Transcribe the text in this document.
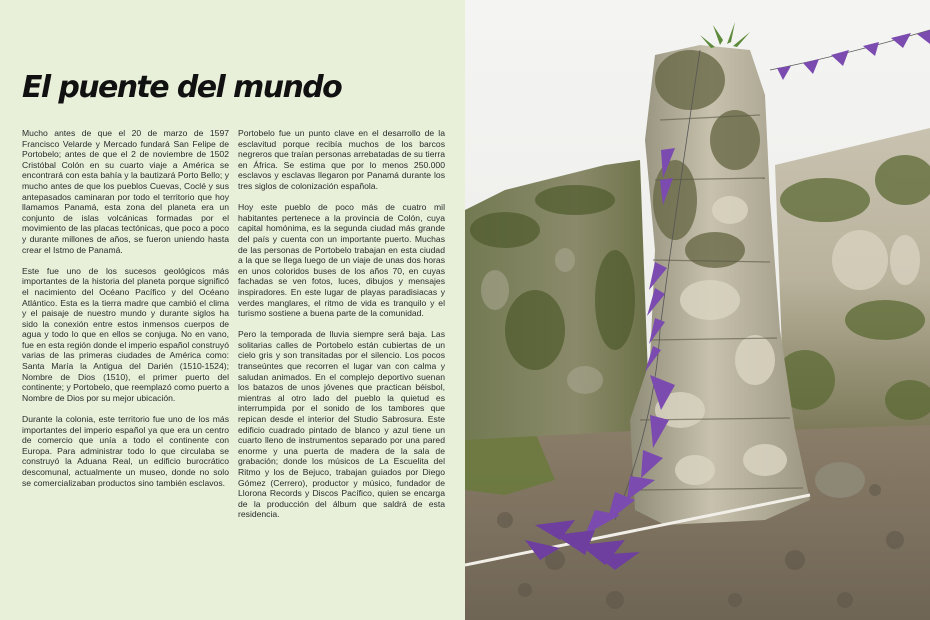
El puente del mundo

Mucho antes de que el 20 de marzo de 1597 Francisco Velarde y Mercado fundará San Felipe de Portobelo; antes de que el 2 de noviembre de 1502 Cristóbal Colón en su cuarto viaje a América se encontrará con esta bahía y la bautizará Porto Bello; y mucho antes de que los pueblos Cuevas, Coclé y sus antepasados caminaran por todo el territorio que hoy llamamos Panamá, esta zona del planeta era un conjunto de islas volcánicas formadas por el movimiento de las placas tectónicas, que poco a poco y durante millones de años, se fueron uniendo hasta crear el Istmo de Panamá.

Este fue uno de los sucesos geológicos más importantes de la historia del planeta porque significó el nacimiento del Océano Pacífico y del Océano Atlántico. Esta es la tierra madre que cambió el clima y el paisaje de nuestro mundo y durante siglos ha sido la conexión entre estos inmensos cuerpos de agua y todo lo que en ellos se conjuga. No en vano, fue en esta región donde el imperio español construyó varias de las primeras ciudades de América como: Santa María la Antigua del Darién (1510-1524); Nombre de Dios (1510), el primer puerto del continente; y Portobelo, que reemplazó como puerto a Nombre de Dios por su mejor ubicación.

Durante la colonia, este territorio fue uno de los más importantes del imperio español ya que era un centro de comercio que unía a todo el continente con Europa. Para administrar todo lo que circulaba se construyó la Aduana Real, un edificio burocrático descomunal, actualmente un museo, donde no solo se comercializaban productos sino también esclavos.

Portobelo fue un punto clave en el desarrollo de la esclavitud porque recibía muchos de los barcos negreros que traían personas arrebatadas de su tierra en África. Se estima que por lo menos 250.000 esclavos y esclavas llegaron por Panamá durante los tres siglos de colonización española.

Hoy este pueblo de poco más de cuatro mil habitantes pertenece a la provincia de Colón, cuya capital homónima, es la segunda ciudad más grande del país y cuenta con un importante puerto. Muchas de las personas de Portobelo trabajan en esta ciudad a la que se llega luego de un viaje de unas dos horas en unos coloridos buses de los años 70, en cuyas fachadas se ven fotos, luces, dibujos y mensajes inspiradores. En este lugar de playas paradisiacas y verdes manglares, el ritmo de vida es tranquilo y el turismo sostiene a buena parte de la comunidad.

Pero la temporada de lluvia siempre será baja. Las solitarias calles de Portobelo están cubiertas de un cielo gris y son transitadas por el silencio. Los pocos transeúntes que recorren el lugar van con calma y saludan animados. En el complejo deportivo suenan los batazos de unos jóvenes que practican béisbol, mientras al otro lado del pueblo la quietud es interrumpida por el sonido de los tambores que repican desde el interior del Studio Sabrosura. Este edificio cuadrado pintado de blanco y azul tiene un cuarto lleno de instrumentos separado por una pared enorme y una puerta de madera de la sala de grabación; donde los músicos de La Escuelita del Ritmo y los de Bejuco, trabajan guiados por Diego Gómez (Cerrero), productor y músico, fundador de Llorona Records y Discos Pacífico, quien se encarga de la producción del álbum que saldrá de esta residencia.
